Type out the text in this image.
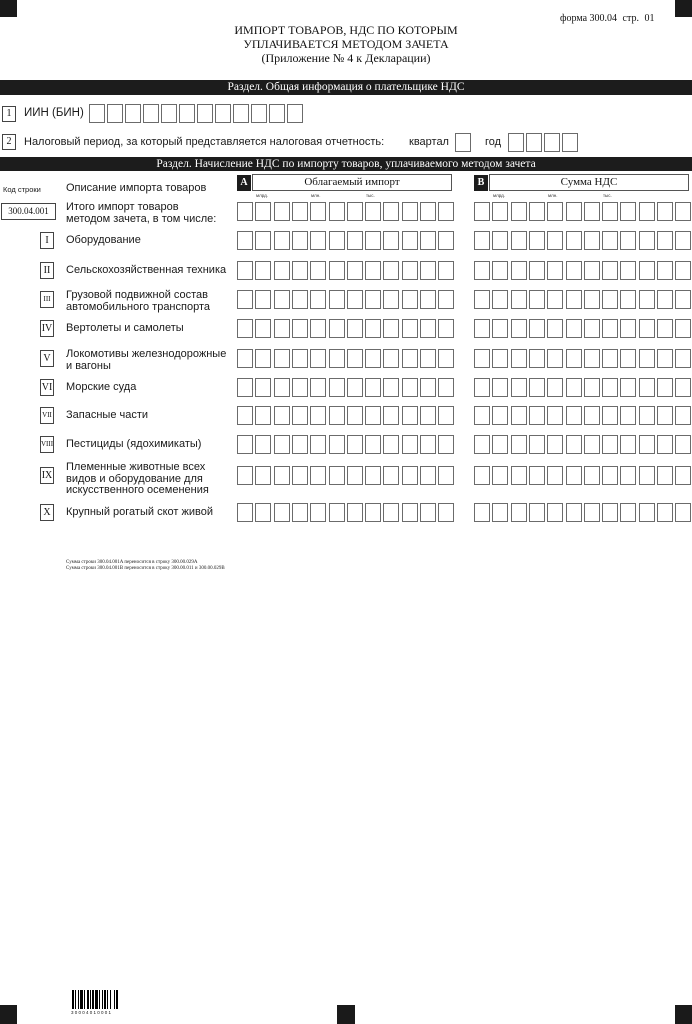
форма 300.04 стр. 01
ИМПОРТ ТОВАРОВ, НДС ПО КОТОРЫМ
УПЛАЧИВАЕТСЯ МЕТОДОМ ЗАЧЕТА
(Приложение № 4 к Декларации)
Раздел. Общая информация о плательщике НДС
1	ИИН (БИН)
2	Налоговый период, за который представляется налоговая отчетность: квартал	год
Раздел. Начисление НДС по импорту товаров, уплачиваемого методом зачета
Код строки Описание импорта товаров	A	Облагаемый импорт	B	Сумма НДС
млрд.	млн.	тыс.	млрд.	млн.	тыс.
300.04.001	Итого импорт товаров
методом зачета, в том числе:
I	Оборудование
II	Сельскохозяйственная техника
III	Грузовой подвижной состав
автомобильного транспорта
IV Вертолеты и самолеты
V	Локомотивы железнодорожные
и вагоны
VI Морские суда
VII Запасные части
VIII Пестициды (ядохимикаты)
IX
Племенные животные всех
видов и оборудование для
искусственного осеменения
X	Крупный рогатый скот живой
Сумма строки 300.04.001A переносится в строку 300.00.029A
Сумма строки 300.04.001B переносится в строку 300.00.011 и 300.00.029B
3 0 0 0 4 0 1 0 0 0 1
